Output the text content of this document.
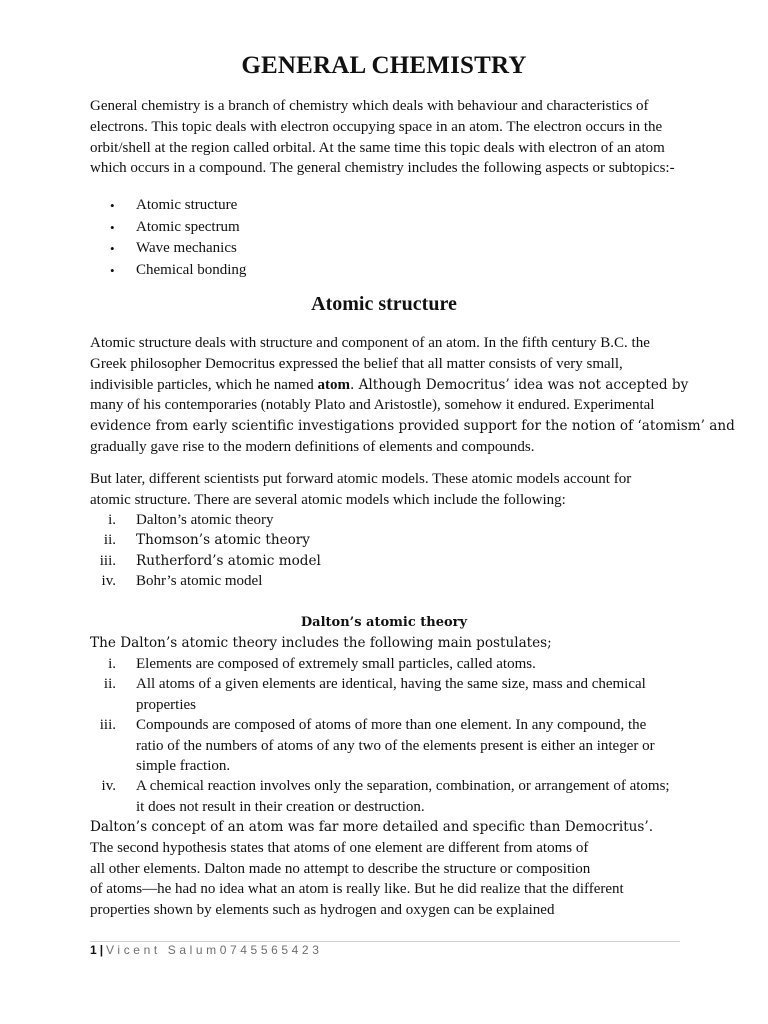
GENERAL CHEMISTRY

General chemistry is a branch of chemistry which deals with behaviour and characteristics of
electrons. This topic deals with electron occupying space in an atom. The electron occurs in the
orbit/shell at the region called orbital. At the same time this topic deals with electron of an atom
which occurs in a compound. The general chemistry includes the following aspects or subtopics:-

• Atomic structure
• Atomic spectrum
• Wave mechanics
• Chemical bonding
Atomic structure

Atomic structure deals with structure and component of an atom. In the fifth century B.C. the
Greek philosopher Democritus expressed the belief that all matter consists of very small,
indivisible particles, which he named atom. Although Democritus’ idea was not accepted by
many of his contemporaries (notably Plato and Aristostle), somehow it endured. Experimental
evidence from early scientific investigations provided support for the notion of ‘atomism’ and
gradually gave rise to the modern definitions of elements and compounds.

But later, different scientists put forward atomic models. These atomic models account for
atomic structure. There are several atomic models which include the following:

i. Dalton’s atomic theory
ii. Thomson’s atomic theory
iii. Rutherford’s atomic model
iv. Bohr’s atomic model
Dalton’s atomic theory

The Dalton’s atomic theory includes the following main postulates;

i. Elements are composed of extremely small particles, called atoms.
ii. All atoms of a given elements are identical, having the same size, mass and chemical
properties
iii. Compounds are composed of atoms of more than one element. In any compound, the
ratio of the numbers of atoms of any two of the elements present is either an integer or
simple fraction.
iv. A chemical reaction involves only the separation, combination, or arrangement of atoms;
it does not result in their creation or destruction.

Dalton’s concept of an atom was far more detailed and specific than Democritus’.
The second hypothesis states that atoms of one element are different from atoms of
all other elements. Dalton made no attempt to describe the structure or composition
of atoms—he had no idea what an atom is really like. But he did realize that the different
properties shown by elements such as hydrogen and oxygen can be explained

1 | Vicent Salum0745565423
